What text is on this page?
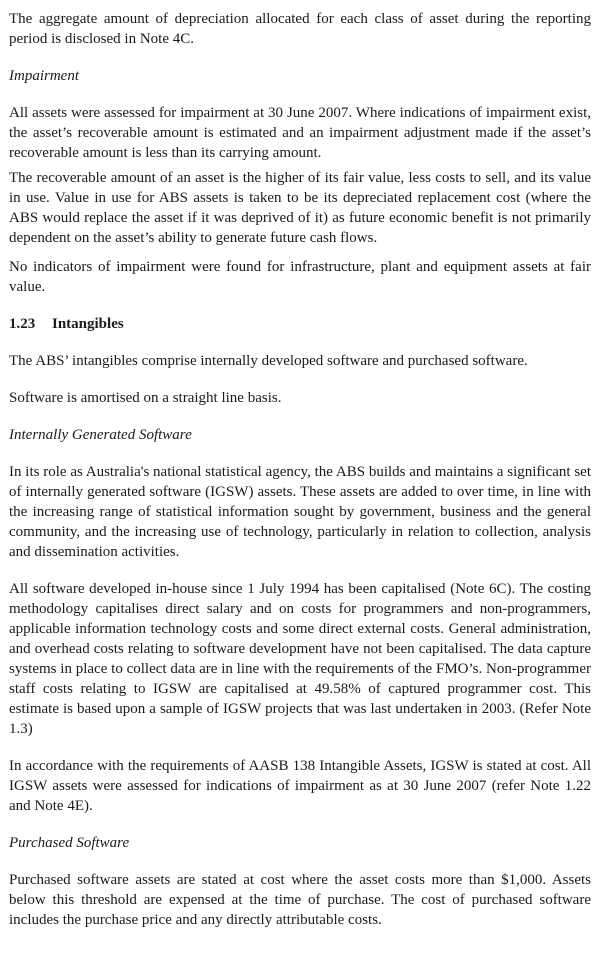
The aggregate amount of depreciation allocated for each class of asset during the reporting period is disclosed in Note 4C.

Impairment

All assets were assessed for impairment at 30 June 2007. Where indications of impairment exist, the asset’s recoverable amount is estimated and an impairment adjustment made if the asset’s recoverable amount is less than its carrying amount.

The recoverable amount of an asset is the higher of its fair value, less costs to sell, and its value in use. Value in use for ABS assets is taken to be its depreciated replacement cost (where the ABS would replace the asset if it was deprived of it) as future economic benefit is not primarily dependent on the asset’s ability to generate future cash flows.

No indicators of impairment were found for infrastructure, plant and equipment assets at fair value.

1.23 Intangibles

The ABS’ intangibles comprise internally developed software and purchased software.

Software is amortised on a straight line basis.

Internally Generated Software

In its role as Australia's national statistical agency, the ABS builds and maintains a significant set of internally generated software (IGSW) assets. These assets are added to over time, in line with the increasing range of statistical information sought by government, business and the general community, and the increasing use of technology, particularly in relation to collection, analysis and dissemination activities.

All software developed in-house since 1 July 1994 has been capitalised (Note 6C). The costing methodology capitalises direct salary and on costs for programmers and non-programmers, applicable information technology costs and some direct external costs. General administration, and overhead costs relating to software development have not been capitalised. The data capture systems in place to collect data are in line with the requirements of the FMO’s. Non-programmer staff costs relating to IGSW are capitalised at 49.58% of captured programmer cost. This estimate is based upon a sample of IGSW projects that was last undertaken in 2003. (Refer Note 1.3)

In accordance with the requirements of AASB 138 Intangible Assets, IGSW is stated at cost. All IGSW assets were assessed for indications of impairment as at 30 June 2007 (refer Note 1.22 and Note 4E).

Purchased Software

Purchased software assets are stated at cost where the asset costs more than $1,000. Assets below this threshold are expensed at the time of purchase. The cost of purchased software includes the purchase price and any directly attributable costs.
